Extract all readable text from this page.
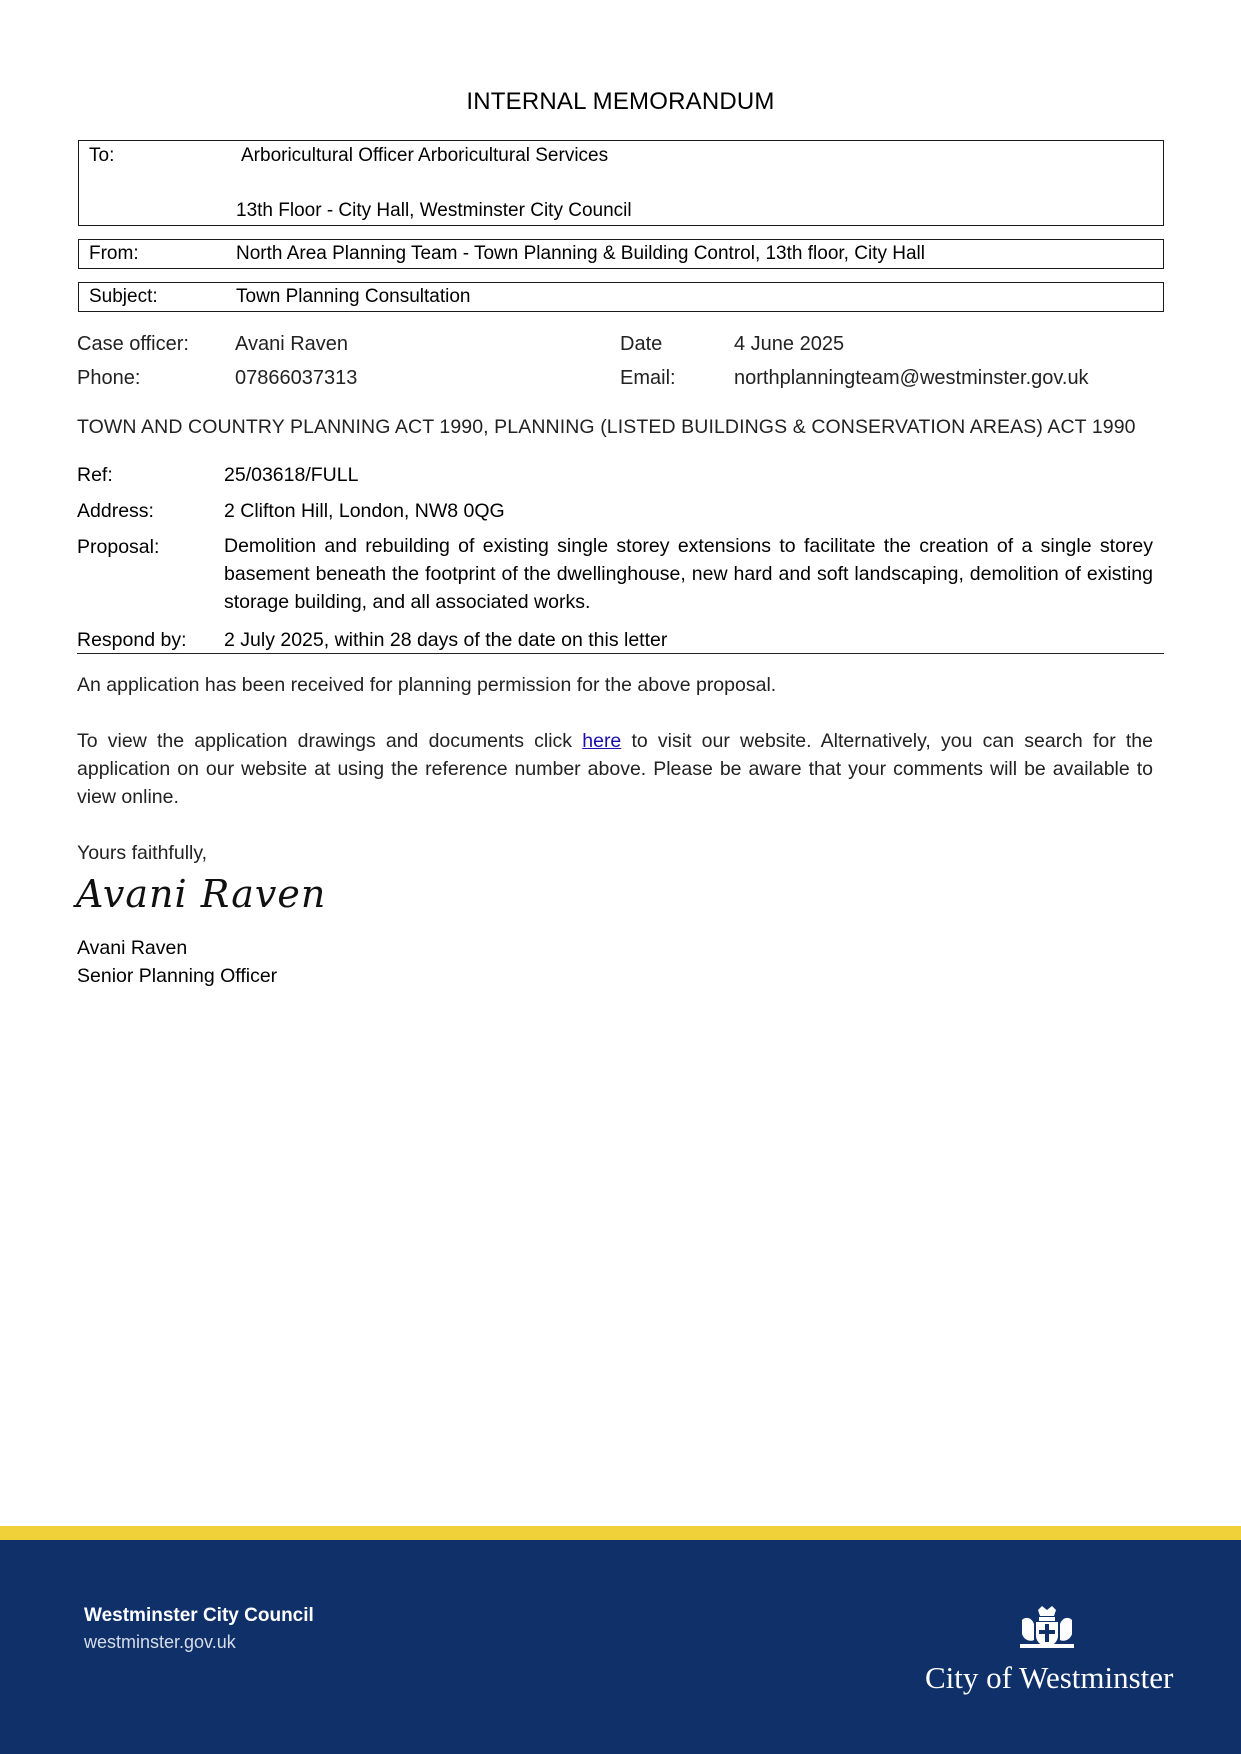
INTERNAL MEMORANDUM
To:	Arboricultural Officer Arboricultural Services
13th Floor - City Hall, Westminster City Council
From:	North Area Planning Team - Town Planning & Building Control, 13th floor, City Hall
Subject:	Town Planning Consultation
Case officer: Avani Raven	Date	4 June 2025
Phone:	07866037313	Email:	northplanningteam@westminster.gov.uk
TOWN AND COUNTRY PLANNING ACT 1990, PLANNING (LISTED BUILDINGS & CONSERVATION AREAS) ACT 1990
Ref:	25/03618/FULL
Address:	2 Clifton Hill, London, NW8 0QG
Proposal:	Demolition and rebuilding of existing single storey extensions to facilitate the creation of a single storey basement beneath the footprint of the dwellinghouse, new hard and soft landscaping, demolition of existing storage building, and all associated works.
Respond by: 2 July 2025, within 28 days of the date on this letter
An application has been received for planning permission for the above proposal.
To view the application drawings and documents click here to visit our website. Alternatively, you can search for the application on our website at using the reference number above. Please be aware that your comments will be available to view online.
Yours faithfully,
Avani Raven
Avani Raven
Senior Planning Officer
Westminster City Council
westminster.gov.uk
City of Westminster
